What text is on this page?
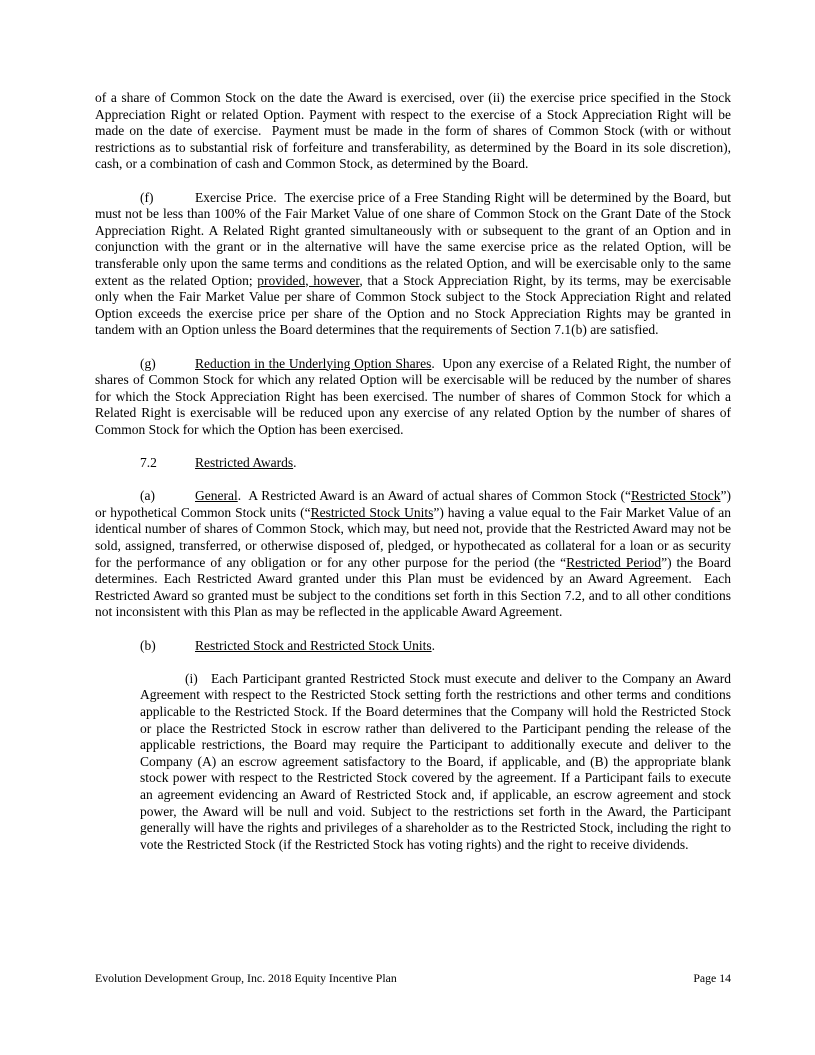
of a share of Common Stock on the date the Award is exercised, over (ii) the exercise price specified in the Stock Appreciation Right or related Option. Payment with respect to the exercise of a Stock Appreciation Right will be made on the date of exercise.  Payment must be made in the form of shares of Common Stock (with or without restrictions as to substantial risk of forfeiture and transferability, as determined by the Board in its sole discretion), cash, or a combination of cash and Common Stock, as determined by the Board.

(f)	Exercise Price.  The exercise price of a Free Standing Right will be determined by the Board, but must not be less than 100% of the Fair Market Value of one share of Common Stock on the Grant Date of the Stock Appreciation Right. A Related Right granted simultaneously with or subsequent to the grant of an Option and in conjunction with the grant or in the alternative will have the same exercise price as the related Option, will be transferable only upon the same terms and conditions as the related Option, and will be exercisable only to the same extent as the related Option; provided, however, that a Stock Appreciation Right, by its terms, may be exercisable only when the Fair Market Value per share of Common Stock subject to the Stock Appreciation Right and related Option exceeds the exercise price per share of the Option and no Stock Appreciation Rights may be granted in tandem with an Option unless the Board determines that the requirements of Section 7.1(b) are satisfied.

(g)	Reduction in the Underlying Option Shares.  Upon any exercise of a Related Right, the number of shares of Common Stock for which any related Option will be exercisable will be reduced by the number of shares for which the Stock Appreciation Right has been exercised. The number of shares of Common Stock for which a Related Right is exercisable will be reduced upon any exercise of any related Option by the number of shares of Common Stock for which the Option has been exercised.

7.2	Restricted Awards.

(a)	General.  A Restricted Award is an Award of actual shares of Common Stock (“Restricted Stock”) or hypothetical Common Stock units (“Restricted Stock Units”) having a value equal to the Fair Market Value of an identical number of shares of Common Stock, which may, but need not, provide that the Restricted Award may not be sold, assigned, transferred, or otherwise disposed of, pledged, or hypothecated as collateral for a loan or as security for the performance of any obligation or for any other purpose for the period (the “Restricted Period”) the Board determines. Each Restricted Award granted under this Plan must be evidenced by an Award Agreement.  Each Restricted Award so granted must be subject to the conditions set forth in this Section 7.2, and to all other conditions not inconsistent with this Plan as may be reflected in the applicable Award Agreement.

(b)	Restricted Stock and Restricted Stock Units.

(i) Each Participant granted Restricted Stock must execute and deliver to the Company an Award Agreement with respect to the Restricted Stock setting forth the restrictions and other terms and conditions applicable to the Restricted Stock. If the Board determines that the Company will hold the Restricted Stock or place the Restricted Stock in escrow rather than delivered to the Participant pending the release of the applicable restrictions, the Board may require the Participant to additionally execute and deliver to the Company (A) an escrow agreement satisfactory to the Board, if applicable, and (B) the appropriate blank stock power with respect to the Restricted Stock covered by the agreement. If a Participant fails to execute an agreement evidencing an Award of Restricted Stock and, if applicable, an escrow agreement and stock power, the Award will be null and void. Subject to the restrictions set forth in the Award, the Participant generally will have the rights and privileges of a shareholder as to the Restricted Stock, including the right to vote the Restricted Stock (if the Restricted Stock has voting rights) and the right to receive dividends.

Evolution Development Group, Inc. 2018 Equity Incentive Plan	Page 14
